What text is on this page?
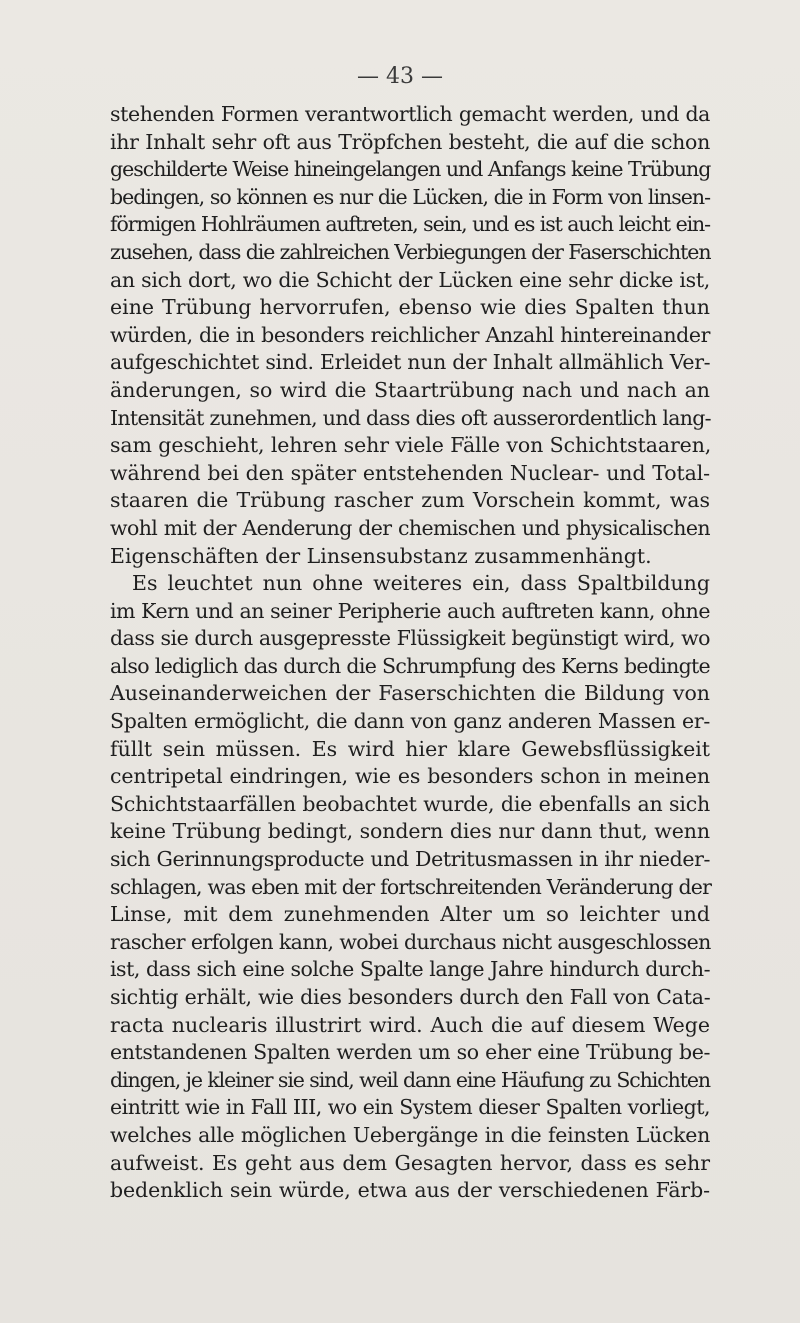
— 43 —
stehenden Formen verantwortlich gemacht werden, und da
ihr Inhalt sehr oft aus Tröpfchen besteht, die auf die schon
geschilderte Weise hineingelangen und Anfangs keine Trübung
bedingen, so können es nur die Lücken, die in Form von linsen-
förmigen Hohlräumen auftreten, sein, und es ist auch leicht ein-
zusehen, dass die zahlreichen Verbiegungen der Faserschichten
an sich dort, wo die Schicht der Lücken eine sehr dicke ist,
eine Trübung hervorrufen, ebenso wie dies Spalten thun
würden, die in besonders reichlicher Anzahl hintereinander
aufgeschichtet sind. Erleidet nun der Inhalt allmählich Ver-
änderungen, so wird die Staartrübung nach und nach an
Intensität zunehmen, und dass dies oft ausserordentlich lang-
sam geschieht, lehren sehr viele Fälle von Schichtstaaren,
während bei den später entstehenden Nuclear- und Total-
staaren die Trübung rascher zum Vorschein kommt, was
wohl mit der Aenderung der chemischen und physicalischen
Eigenschäften der Linsensubstanz zusammenhängt.
Es leuchtet nun ohne weiteres ein, dass Spaltbildung
im Kern und an seiner Peripherie auch auftreten kann, ohne
dass sie durch ausgepresste Flüssigkeit begünstigt wird, wo
also lediglich das durch die Schrumpfung des Kerns bedingte
Auseinanderweichen der Faserschichten die Bildung von
Spalten ermöglicht, die dann von ganz anderen Massen er-
füllt sein müssen. Es wird hier klare Gewebsflüssigkeit
centripetal eindringen, wie es besonders schon in meinen
Schichtstaarfällen beobachtet wurde, die ebenfalls an sich
keine Trübung bedingt, sondern dies nur dann thut, wenn
sich Gerinnungsproducte und Detritusmassen in ihr nieder-
schlagen, was eben mit der fortschreitenden Veränderung der
Linse, mit dem zunehmenden Alter um so leichter und
rascher erfolgen kann, wobei durchaus nicht ausgeschlossen
ist, dass sich eine solche Spalte lange Jahre hindurch durch-
sichtig erhält, wie dies besonders durch den Fall von Cata-
racta nuclearis illustrirt wird. Auch die auf diesem Wege
entstandenen Spalten werden um so eher eine Trübung be-
dingen, je kleiner sie sind, weil dann eine Häufung zu Schichten
eintritt wie in Fall III, wo ein System dieser Spalten vorliegt,
welches alle möglichen Uebergänge in die feinsten Lücken
aufweist. Es geht aus dem Gesagten hervor, dass es sehr
bedenklich sein würde, etwa aus der verschiedenen Färb-
